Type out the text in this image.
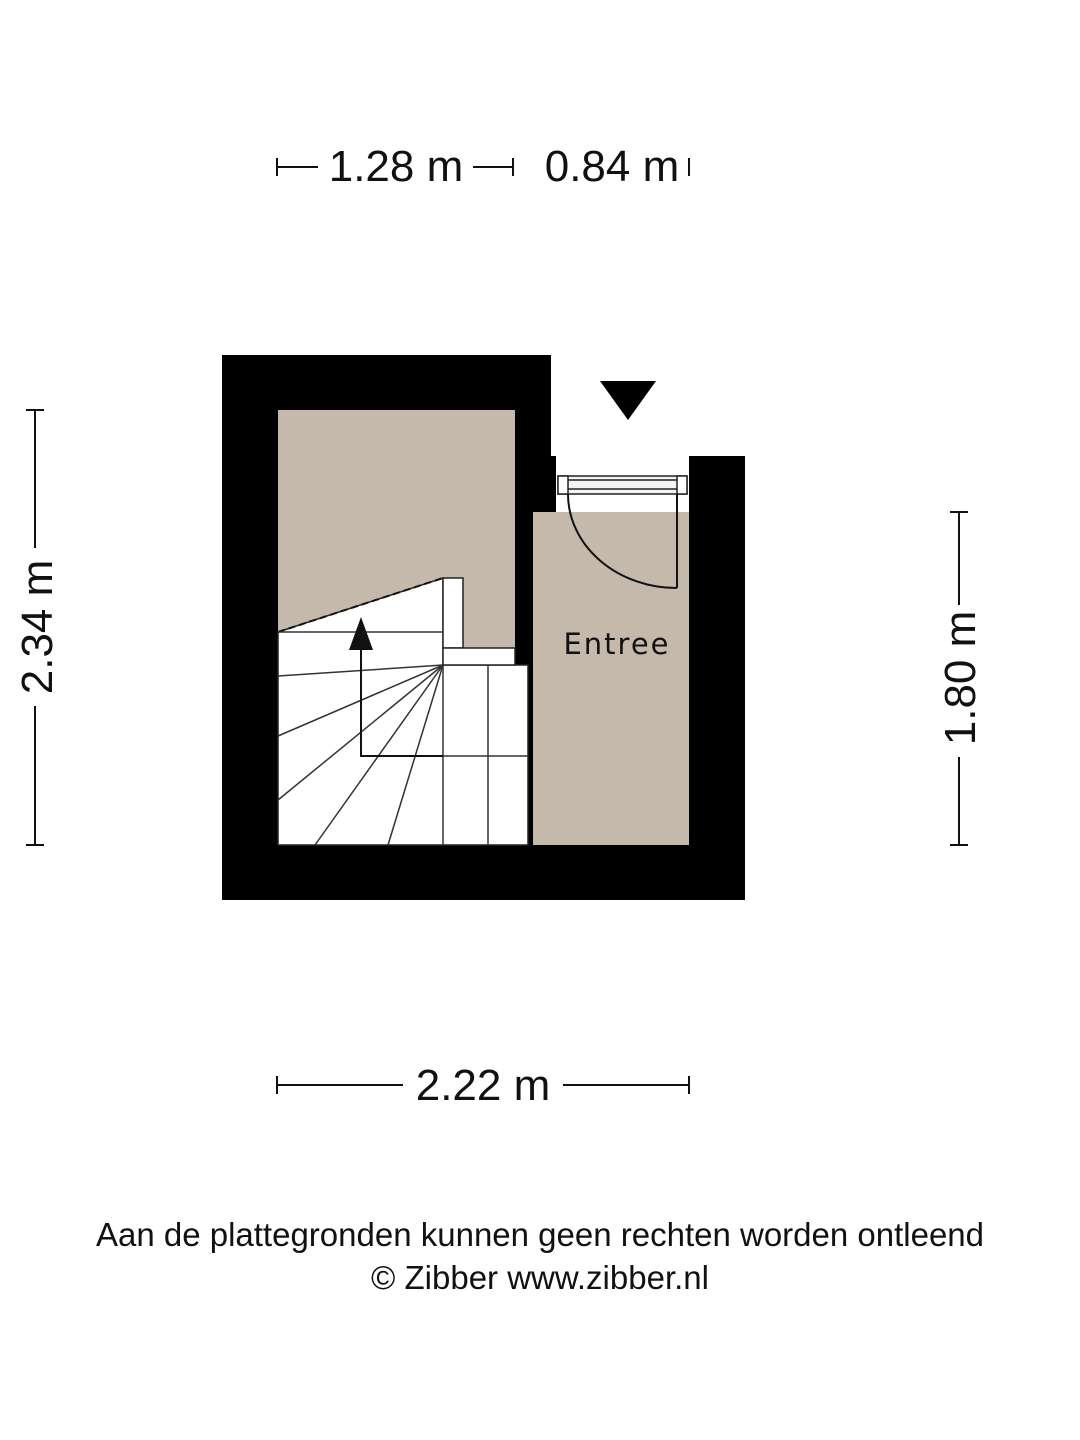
1.28 m 0.84 m
2.34 m	1.80 m
2.22 m
Entree
Aan de plattegronden kunnen geen rechten worden ontleend
© Zibber www.zibber.nl
